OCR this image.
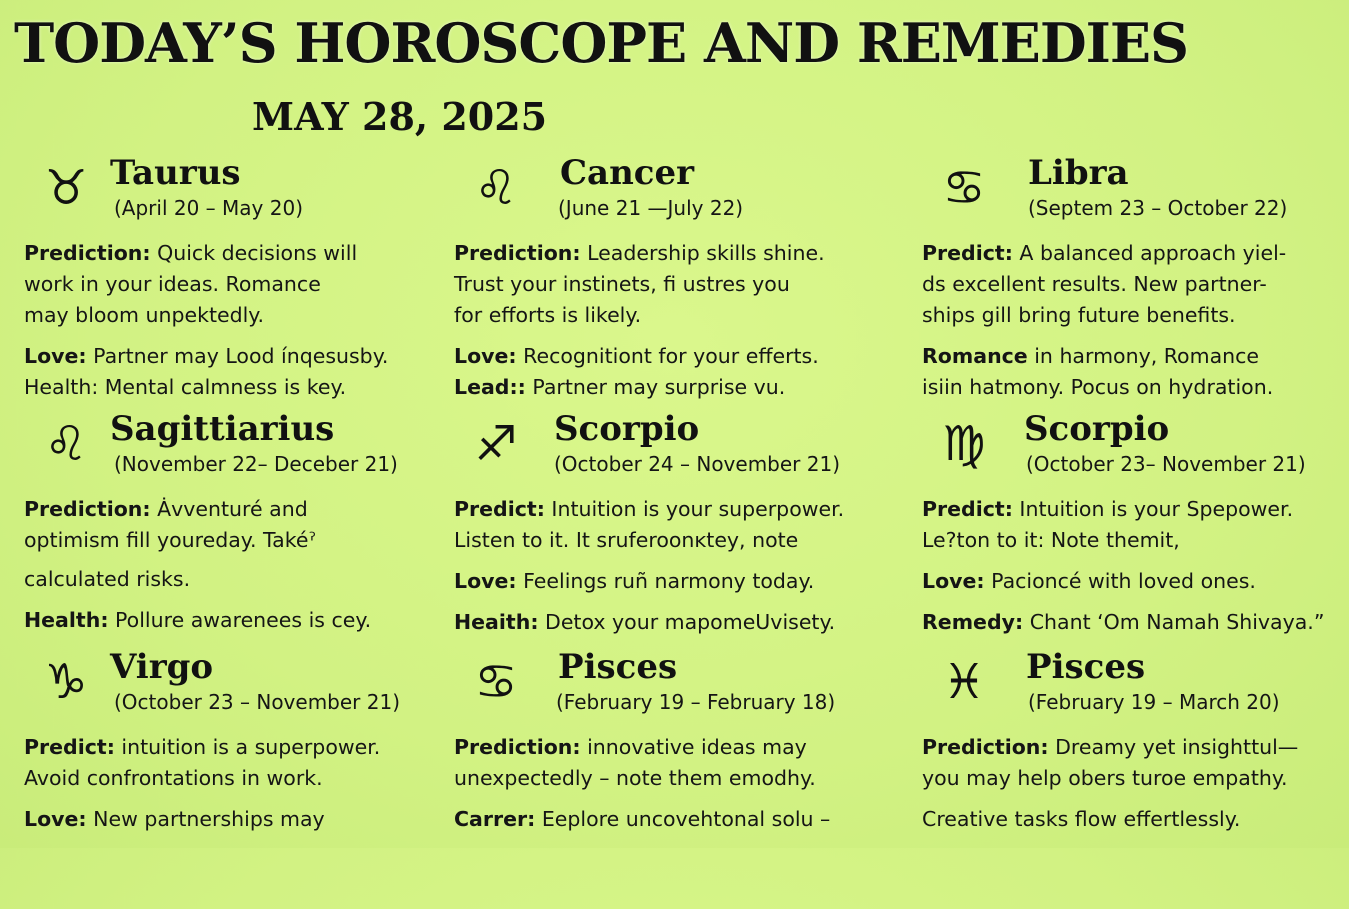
TODAY’S HOROSCOPE AND REMEDIES
MAY 28, 2025
♉ Taurus
(April 20 – May 20)

Prediction: Quick decisions will
work in your ideas. Romance
may bloom unpektedly.

Love: Partner may Lood ínqesusby.
Health: Mental calmness is key.

♌	Cancer
(June 21 —July 22)

Prediction: Leadership skills shine.
Trust your instinets, fi ustres you
for efforts is likely.

Love: Recognitiont for your efferts.
Lead:: Partner may surprise vu.

♋	Libra
(Septem 23 – October 22)

Predict: A balanced approach yiel-
ds excellent results. New partner-
ships gill bring future benefits.

Romance in harmony, Romance
isiin hatmony. Pocus on hydration.

♌ Sagittiarius
(November 22– Deceber 21)

Prediction: Ȧvventuré and
optimism fill youreday. Takéˀ
calculated risks.

Health: Pollure awarenees is cey.

♐	Scorpio
(October 24 – November 21)

Predict: Intuition is your superpower.
Listen to it. It sruferoonᴋtey, note

Love: Feelings ruñ narmony today.

Heaith: Detox your mapomeUvisety.

♍	Scorpio
(October 23– November 21)

Predict: Intuition is your Spepower.
Le?ton to it: Note themit,

Love: Pacioncé with loved ones.

Remedy: Chant ‘Om Namah Shivaya.”

♑ Virgo
(October 23 – November 21)

Predict: intuition is a superpower.
Avoid confrontations in work.

Love: New partnerships may

♋	Pisces
(February 19 – February 18)

Prediction: innovative ideas may
unexpectedly – note them emodhy.

Carrer: Eeplore uncovehtonal solu –

♓	Pisces
(February 19 – March 20)

Prediction: Dreamy yet insighttul—
you may help obers turoe empathy.

Creative tasks flow effertlessly.
